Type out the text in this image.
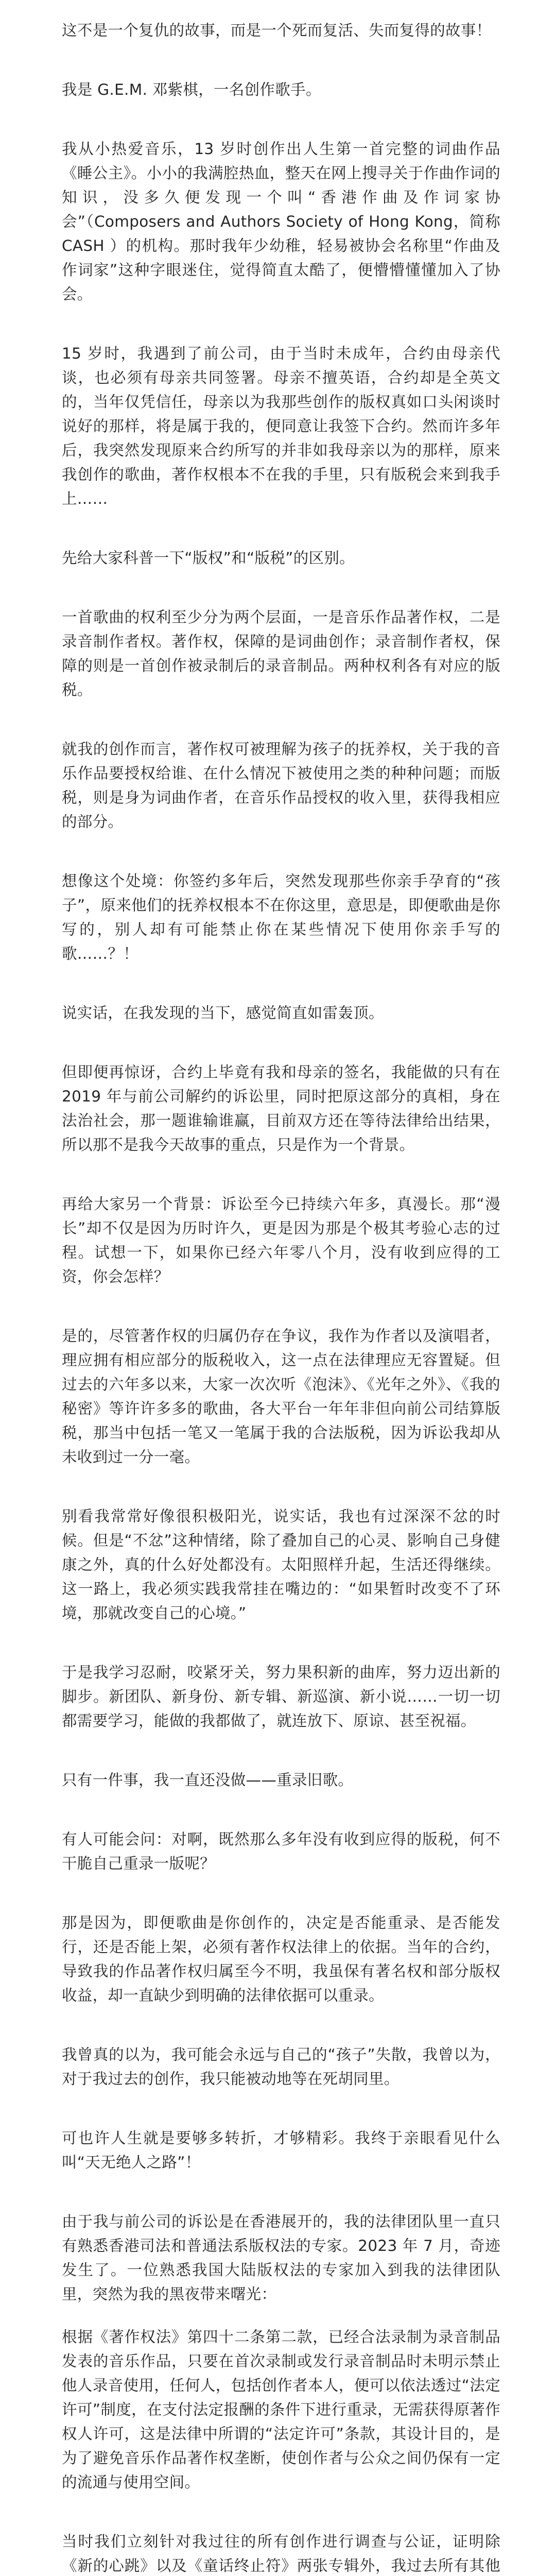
这不是一个复仇的故事，而是一个死而复活、失而复得的故事！

我是 G.E.M. 邓紫棋，一名创作歌手。

我从小热爱音乐，13 岁时创作出人生第一首完整的词曲作品《睡公主》。小小的我满腔热血，整天在网上搜寻关于作曲作词的知识，没多久便发现一个叫“香港作曲及作词家协会”（Composers and Authors Society of Hong Kong，简称 CASH ）的机构。那时我年少幼稚，轻易被协会名称里“作曲及作词家”这种字眼迷住，觉得简直太酷了，便懵懵懂懂加入了协会。

15 岁时，我遇到了前公司，由于当时未成年，合约由母亲代谈，也必须有母亲共同签署。母亲不擅英语，合约却是全英文的，当年仅凭信任，母亲以为我那些创作的版权真如口头闲谈时说好的那样，将是属于我的，便同意让我签下合约。然而许多年后，我突然发现原来合约所写的并非如我母亲以为的那样，原来我创作的歌曲，著作权根本不在我的手里，只有版税会来到我手上……

先给大家科普一下“版权”和“版税”的区别。

一首歌曲的权利至少分为两个层面，一是音乐作品著作权，二是录音制作者权。著作权，保障的是词曲创作；录音制作者权，保障的则是一首创作被录制后的录音制品。两种权利各有对应的版税。

就我的创作而言，著作权可被理解为孩子的抚养权，关于我的音乐作品要授权给谁、在什么情况下被使用之类的种种问题；而版税，则是身为词曲作者，在音乐作品授权的收入里，获得我相应的部分。

想像这个处境：你签约多年后，突然发现那些你亲手孕育的“孩子”，原来他们的抚养权根本不在你这里，意思是，即便歌曲是你写的，别人却有可能禁止你在某些情况下使用你亲手写的歌……？！

说实话，在我发现的当下，感觉简直如雷轰顶。

但即便再惊讶，合约上毕竟有我和母亲的签名，我能做的只有在 2019 年与前公司解约的诉讼里，同时把原这部分的真相，身在法治社会，那一题谁输谁赢，目前双方还在等待法律给出结果，所以那不是我今天故事的重点，只是作为一个背景。

再给大家另一个背景：诉讼至今已持续六年多，真漫长。那“漫长”却不仅是因为历时许久，更是因为那是个极其考验心志的过程。试想一下，如果你已经六年零八个月，没有收到应得的工资，你会怎样？

是的，尽管著作权的归属仍存在争议，我作为作者以及演唱者，理应拥有相应部分的版税收入，这一点在法律理应无容置疑。但过去的六年多以来，大家一次次听《泡沫》、《光年之外》、《我的秘密》等许许多多的歌曲，各大平台一年年非但向前公司结算版税，那当中包括一笔又一笔属于我的合法版税，因为诉讼我却从未收到过一分一毫。

别看我常常好像很积极阳光，说实话，我也有过深深不忿的时候。但是“不忿”这种情绪，除了叠加自己的心灵、影响自己身健康之外，真的什么好处都没有。太阳照样升起，生活还得继续。这一路上，我必须实践我常挂在嘴边的：“如果暂时改变不了环境，那就改变自己的心境。”

于是我学习忍耐，咬紧牙关，努力果积新的曲库，努力迈出新的脚步。新团队、新身份、新专辑、新巡演、新小说……一切一切都需要学习，能做的我都做了，就连放下、原谅、甚至祝福。

只有一件事，我一直还没做——重录旧歌。

有人可能会问：对啊，既然那么多年没有收到应得的版税，何不干脆自己重录一版呢？

那是因为，即便歌曲是你创作的，决定是否能重录、是否能发行，还是否能上架，必须有著作权法律上的依据。当年的合约，导致我的作品著作权归属至今不明，我虽保有著名权和部分版权收益，却一直缺少到明确的法律依据可以重录。

我曾真的以为，我可能会永远与自己的“孩子”失散，我曾以为，对于我过去的创作，我只能被动地等在死胡同里。

可也许人生就是要够多转折，才够精彩。我终于亲眼看见什么叫“天无绝人之路”！

由于我与前公司的诉讼是在香港展开的，我的法律团队里一直只有熟悉香港司法和普通法系版权法的专家。2023 年 7 月，奇迹发生了。一位熟悉我国大陆版权法的专家加入到我的法律团队里，突然为我的黑夜带来曙光：

根据《著作权法》第四十二条第二款，已经合法录制为录音制品发表的音乐作品，只要在首次录制或发行录音制品时未明示禁止他人录音使用，任何人，包括创作者本人，便可以依法透过“法定许可”制度，在支付法定报酬的条件下进行重录，无需获得原著作权人许可，这是法律中所谓的“法定许可”条款，其设计目的，是为了避免音乐作品著作权垄断，使创作者与公众之间仍保有一定的流通与使用空间。

当时我们立刻针对我过往的所有创作进行调查与公证，证明除《新的心跳》以及《童话终止符》两张专辑外，我过去所有其他
